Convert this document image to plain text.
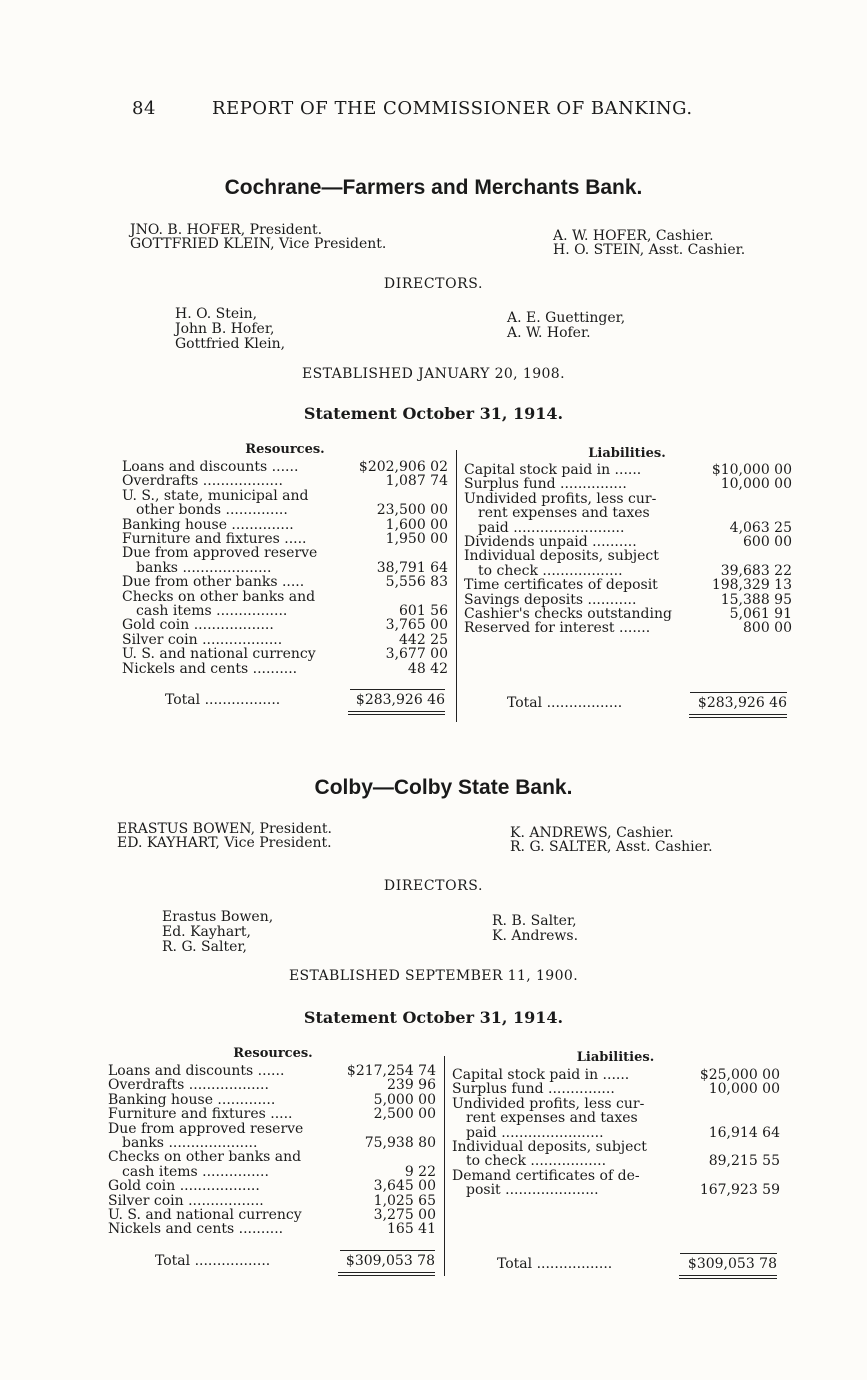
84	REPORT OF THE COMMISSIONER OF BANKING.
Cochrane—Farmers and Merchants Bank.
JNO. B. HOFER, President.
GOTTFRIED KLEIN, Vice President.	A. W. HOFER, Cashier.
H. O. STEIN, Asst. Cashier.
DIRECTORS.
H. O. Stein,
John B. Hofer,
Gottfried Klein,
A. E. Guettinger,
A. W. Hofer.
ESTABLISHED JANUARY 20, 1908.
Statement October 31, 1914.
Resources.	Liabilities.
Loans and discounts ......	$202,906 02
Overdrafts ..................	1,087 74
U. S., state, municipal and	
other bonds ..............	23,500 00
Banking house ..............	1,600 00
Furniture and fixtures .....	1,950 00
Due from approved reserve	
banks ....................	38,791 64
Due from other banks .....	5,556 83
Checks on other banks and	
cash items ................	601 56
Gold coin ..................	3,765 00
Silver coin ..................	442 25
U. S. and national currency	3,677 00
Nickels and cents ..........	48 42
Capital stock paid in ......	$10,000 00
Surplus fund ...............	10,000 00
Undivided profits, less cur-	
rent expenses and taxes	
paid .........................	4,063 25
Dividends unpaid ..........	600 00
Individual deposits, subject	
to check ..................	39,683 22
Time certificates of deposit	198,329 13
Savings deposits ...........	15,388 95
Cashier's checks outstanding	5,061 91
Reserved for interest .......	800 00
Total .................	$283,926 46	Total .................	$283,926 46
Colby—Colby State Bank.
ERASTUS BOWEN, President.
ED. KAYHART, Vice President.
K. ANDREWS, Cashier.
R. G. SALTER, Asst. Cashier.
DIRECTORS.
Erastus Bowen,
Ed. Kayhart,
R. G. Salter,
R. B. Salter,
K. Andrews.
ESTABLISHED SEPTEMBER 11, 1900.
Statement October 31, 1914.
Resources.	Liabilities.
Loans and discounts ......	$217,254 74
Overdrafts ..................	239 96
Banking house .............	5,000 00
Furniture and fixtures .....	2,500 00
Due from approved reserve	
banks ....................	75,938 80
Checks on other banks and	
cash items ...............	9 22
Gold coin ..................	3,645 00
Silver coin .................	1,025 65
U. S. and national currency	3,275 00
Nickels and cents ..........	165 41
Capital stock paid in ......	$25,000 00
Surplus fund ...............	10,000 00
Undivided profits, less cur-	
rent expenses and taxes	
paid .......................	16,914 64
Individual deposits, subject	
to check .................	89,215 55
Demand certificates of de-	
posit .....................	167,923 59
Total .................	$309,053 78	Total .................	$309,053 78
